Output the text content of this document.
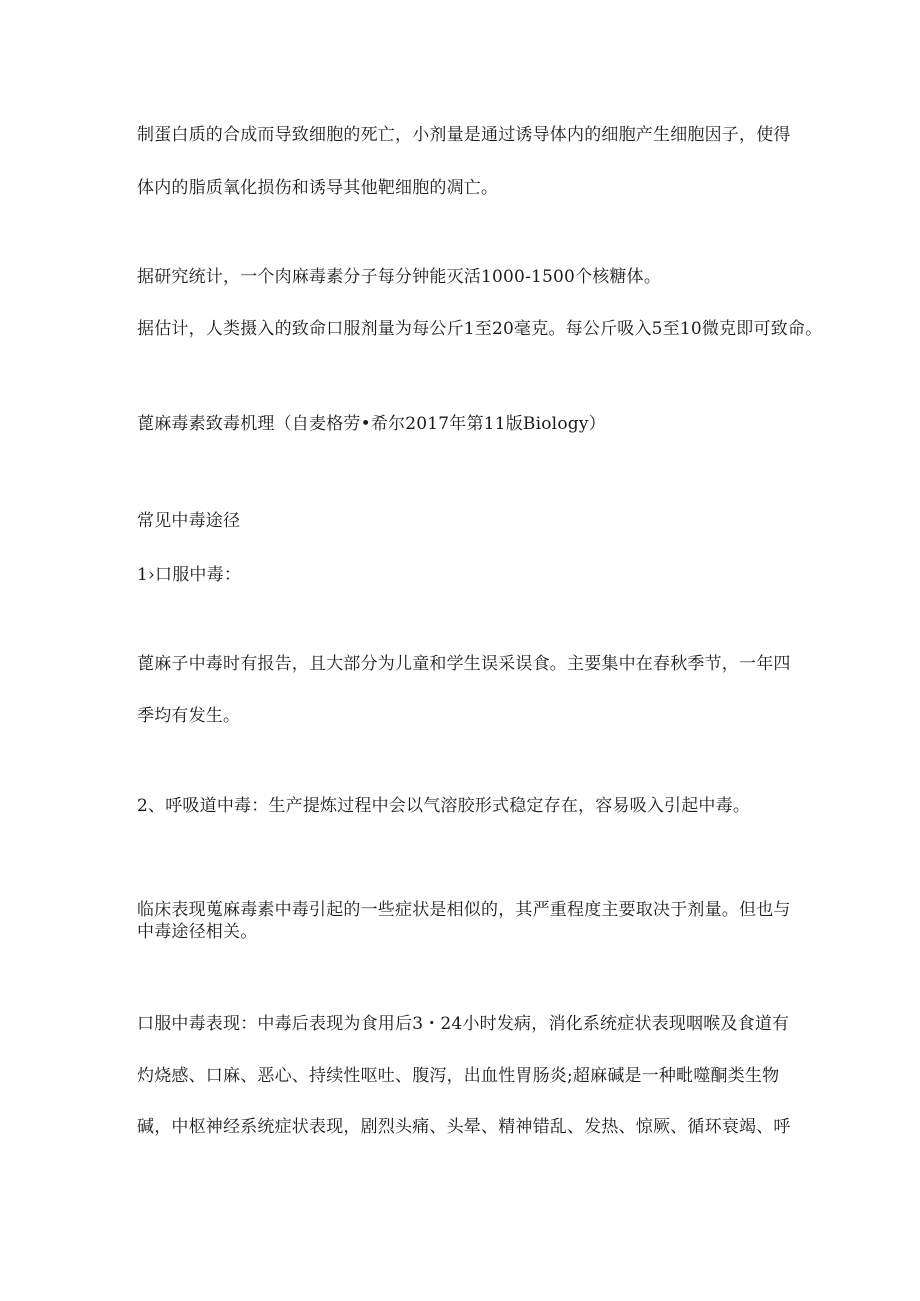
制蛋白质的合成而导致细胞的死亡，小剂量是通过诱导体内的细胞产生细胞因子，使得
体内的脂质氧化损伤和诱导其他靶细胞的凋亡。
据研究统计，一个肉麻毒素分子每分钟能灭活1000-1500个核糖体。
据估计，人类摄入的致命口服剂量为每公斤1至20毫克。每公斤吸入5至10微克即可致命。
蓖麻毒素致毒机理（自麦格劳•希尔2017年第11版Biology）
常见中毒途径
1›口服中毒：
蓖麻子中毒时有报告，且大部分为儿童和学生误采误食。主要集中在春秋季节，一年四
季均有发生。
2、呼吸道中毒：生产提炼过程中会以气溶胶形式稳定存在，容易吸入引起中毒。
临床表现蒐麻毒素中毒引起的一些症状是相似的，其严重程度主要取决于剂量。但也与
中毒途径相关。
口服中毒表现：中毒后表现为食用后3・24小时发病，消化系统症状表现咽喉及食道有
灼烧感、口麻、恶心、持续性呕吐、腹泻，出血性胃肠炎;超麻碱是一种毗噬酮类生物
碱，中枢神经系统症状表现，剧烈头痛、头晕、精神错乱、发热、惊厥、循环衰竭、呼
